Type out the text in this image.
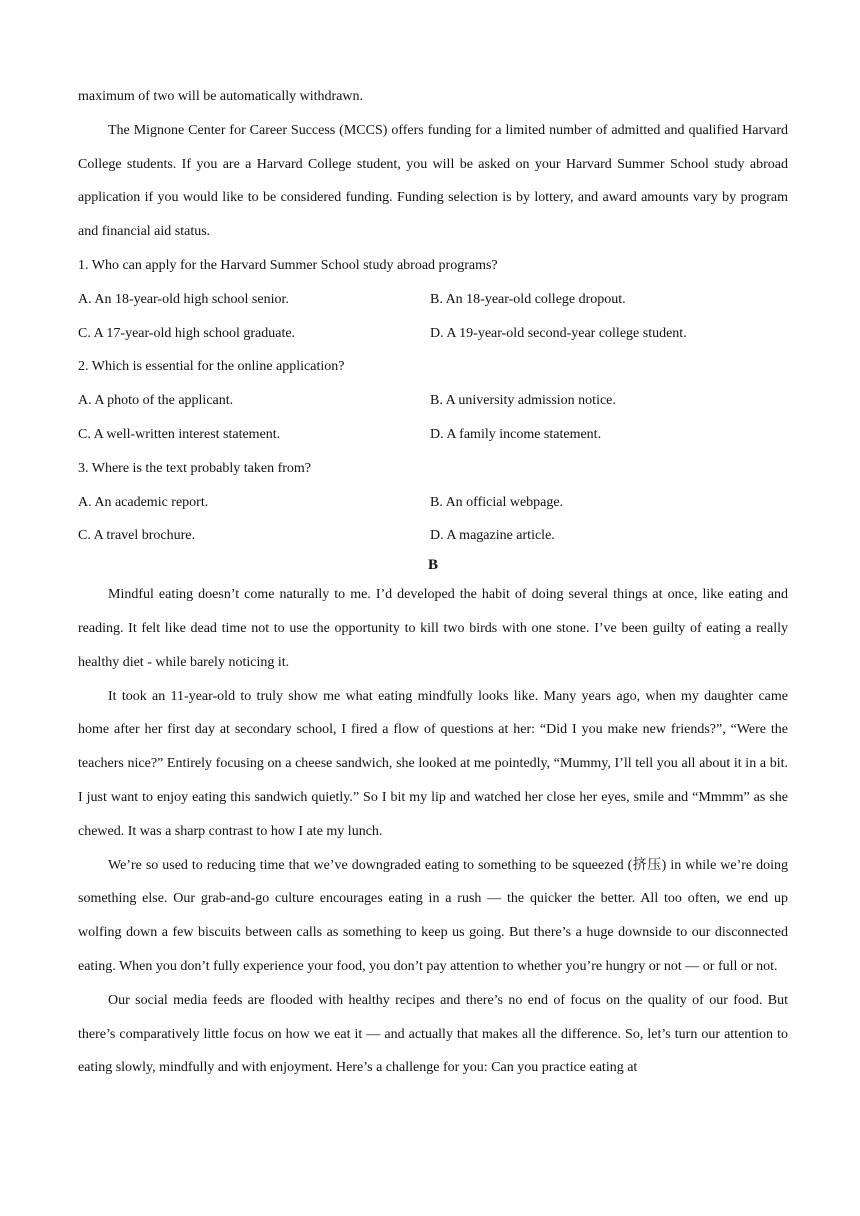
maximum of two will be automatically withdrawn.

The Mignone Center for Career Success (MCCS) offers funding for a limited number of admitted and qualified Harvard College students. If you are a Harvard College student, you will be asked on your Harvard Summer School study abroad application if you would like to be considered funding. Funding selection is by lottery, and award amounts vary by program and financial aid status.

1. Who can apply for the Harvard Summer School study abroad programs?
A. An 18-year-old high school senior.	B. An 18-year-old college dropout.
C. A 17-year-old high school graduate.	D. A 19-year-old second-year college student.
2. Which is essential for the online application?
A. A photo of the applicant.	B. A university admission notice.
C. A well-written interest statement.	D. A family income statement.
3. Where is the text probably taken from?
A. An academic report.	B. An official webpage.
C. A travel brochure.	D. A magazine article.
B

Mindful eating doesn’t come naturally to me. I’d developed the habit of doing several things at once, like eating and reading. It felt like dead time not to use the opportunity to kill two birds with one stone. I’ve been guilty of eating a really healthy diet - while barely noticing it.

It took an 11-year-old to truly show me what eating mindfully looks like. Many years ago, when my daughter came home after her first day at secondary school, I fired a flow of questions at her: “Did I you make new friends?”, “Were the teachers nice?” Entirely focusing on a cheese sandwich, she looked at me pointedly, “Mummy, I’ll tell you all about it in a bit. I just want to enjoy eating this sandwich quietly.” So I bit my lip and watched her close her eyes, smile and “Mmmm” as she chewed. It was a sharp contrast to how I ate my lunch.

We’re so used to reducing time that we’ve downgraded eating to something to be squeezed (挤压) in while we’re doing something else. Our grab-and-go culture encourages eating in a rush — the quicker the better. All too often, we end up wolfing down a few biscuits between calls as something to keep us going. But there’s a huge downside to our disconnected eating. When you don’t fully experience your food, you don’t pay attention to whether you’re hungry or not — or full or not.

Our social media feeds are flooded with healthy recipes and there’s no end of focus on the quality of our food. But there’s comparatively little focus on how we eat it — and actually that makes all the difference. So, let’s turn our attention to eating slowly, mindfully and with enjoyment. Here’s a challenge for you: Can you practice eating at
